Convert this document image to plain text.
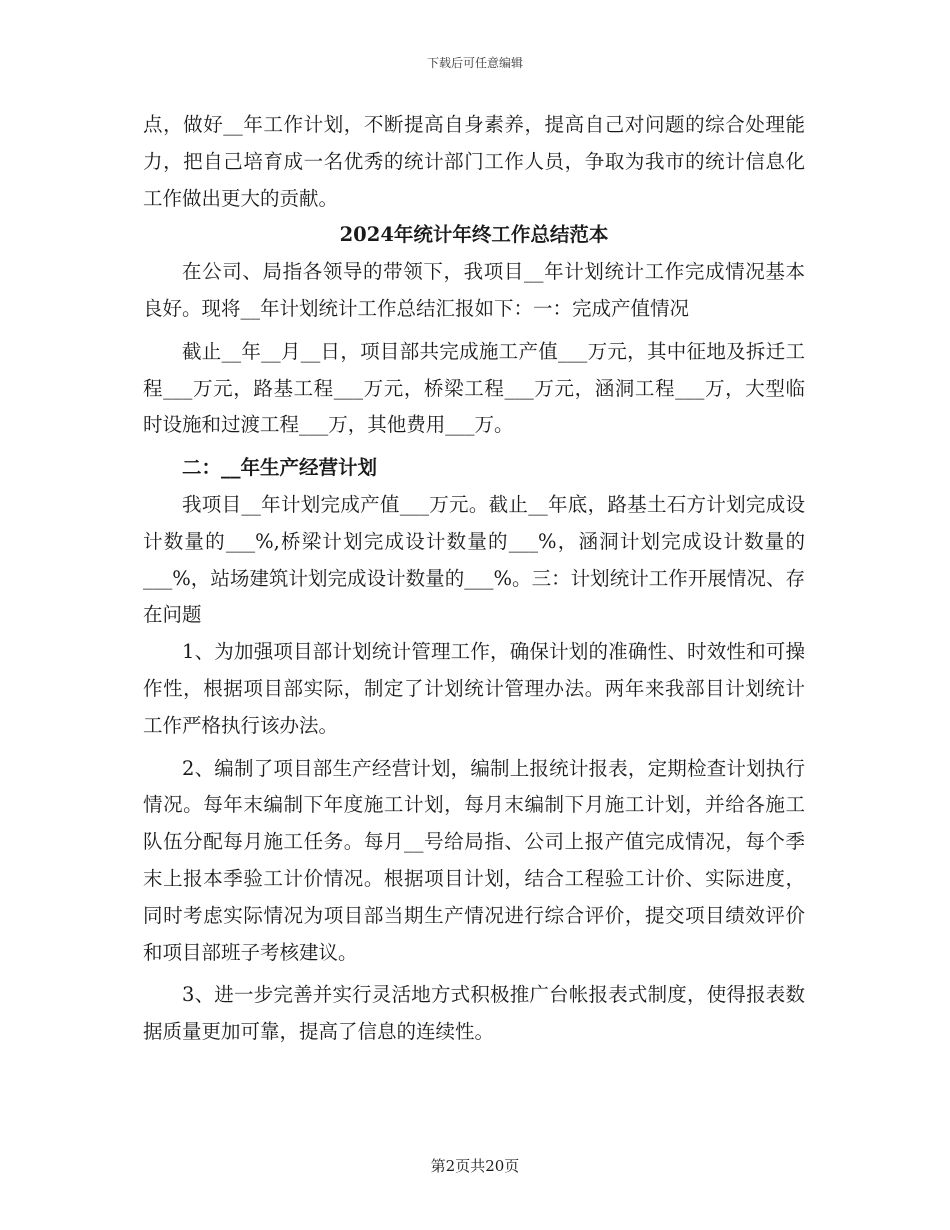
下载后可任意编辑

点，做好__年工作计划，不断提高自身素养，提高自己对问题的综合处理能力，把自己培育成一名优秀的统计部门工作人员，争取为我市的统计信息化工作做出更大的贡献。

2024年统计年终工作总结范本

在公司、局指各领导的带领下，我项目__年计划统计工作完成情况基本良好。现将__年计划统计工作总结汇报如下：一：完成产值情况

截止__年__月__日，项目部共完成施工产值___万元，其中征地及拆迁工程___万元，路基工程___万元，桥梁工程___万元，涵洞工程___万，大型临时设施和过渡工程___万，其他费用___万。

二：__年生产经营计划

我项目__年计划完成产值___万元。截止__年底，路基土石方计划完成设计数量的___%,桥梁计划完成设计数量的___%，涵洞计划完成设计数量的___%，站场建筑计划完成设计数量的___%。三：计划统计工作开展情况、存在问题

1、为加强项目部计划统计管理工作，确保计划的准确性、时效性和可操作性，根据项目部实际，制定了计划统计管理办法。两年来我部目计划统计工作严格执行该办法。

2、编制了项目部生产经营计划，编制上报统计报表，定期检查计划执行情况。每年末编制下年度施工计划，每月末编制下月施工计划，并给各施工队伍分配每月施工任务。每月__号给局指、公司上报产值完成情况，每个季末上报本季验工计价情况。根据项目计划，结合工程验工计价、实际进度，同时考虑实际情况为项目部当期生产情况进行综合评价，提交项目绩效评价和项目部班子考核建议。

3、进一步完善并实行灵活地方式积极推广台帐报表式制度，使得报表数据质量更加可靠，提高了信息的连续性。

第2页共20页
